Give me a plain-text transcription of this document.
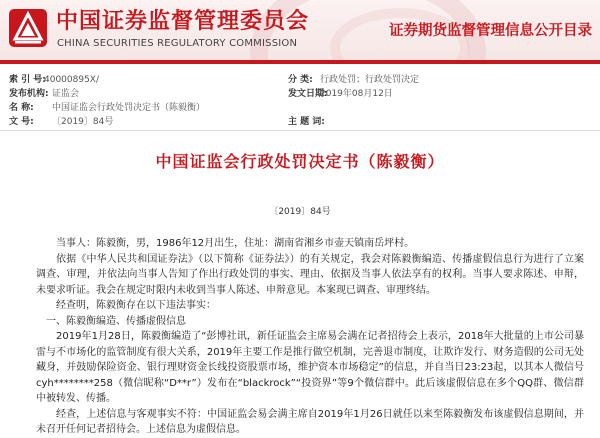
中国证券监督管理委员会
CHINA SECURITIES REGULATORY COMMISSION
证券期货监督管理信息公开目录
索 引 号:
40000895X/	分 类: 行政处罚；行政处罚决定
发布机构: 证监会	发文日期:
2019年08月12日
名 称: 中国证监会行政处罚决定书（陈毅衡）
文 号: 〔2019〕84号	主 题 词:
中国证监会行政处罚决定书（陈毅衡）
〔2019〕84号

当事人：陈毅衡，男，1986年12月出生，住址：湖南省湘乡市壶天镇南岳坪村。

依据《中华人民共和国证券法》（以下简称《证券法》）的有关规定，我会对陈毅衡编造、传播虚假信息行为进行了立案调查、审理，并依法向当事人告知了作出行政处罚的事实、理由、依据及当事人依法享有的权利。当事人要求陈述、申辩，未要求听证。我会在规定时限内未收到当事人陈述、申辩意见。本案现已调查、审理终结。

经查明，陈毅衡存在以下违法事实：

一、陈毅衡编造、传播虚假信息

2019年1月28日，陈毅衡编造了“彭博社讯，新任证监会主席易会满在记者招待会上表示，2018年大批量的上市公司暴雷与不市场化的监管制度有很大关系，2019年主要工作是推行做空机制，完善退市制度，让欺诈发行、财务造假的公司无处藏身，并鼓励保险资金、银行理财资金长线投资股票市场，维护资本市场稳定”的信息，并自当日23:23起，以其本人微信号cyh********258（微信昵称“D**r”）发布在“blackrock”“投资界”等9个微信群中。此后该虚假信息在多个QQ群、微信群中被转发、传播。

经查，上述信息与客观事实不符：中国证监会易会满主席自2019年1月26日就任以来至陈毅衡发布该虚假信息期间，并未召开任何记者招待会。上述信息为虚假信息。
